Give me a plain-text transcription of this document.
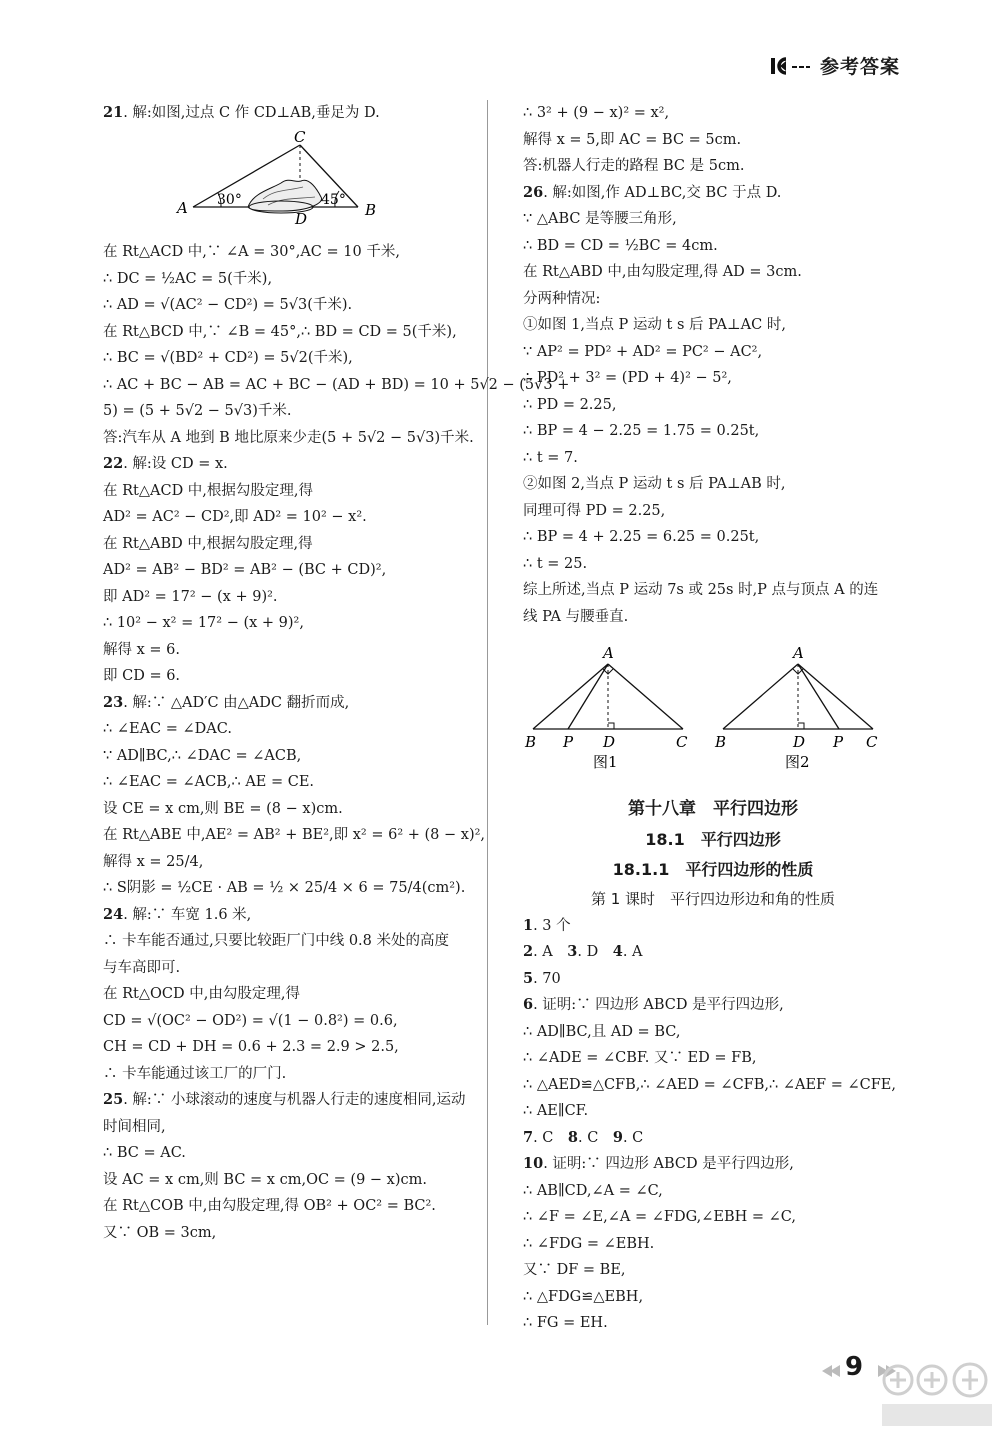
参考答案
21. 解:如图,过点 C 作 CD⊥AB,垂足为 D.
A	B
C
D
30°	45°
在 Rt△ACD 中,∵ ∠A = 30°,AC = 10 千米,
∴ DC = ½AC = 5(千米),
∴ AD = √(AC² − CD²) = 5√3(千米).
在 Rt△BCD 中,∵ ∠B = 45°,∴ BD = CD = 5(千米),
∴ BC = √(BD² + CD²) = 5√2(千米),
∴ AC + BC − AB = AC + BC − (AD + BD) = 10 + 5√2 − (5√3 +
5) = (5 + 5√2 − 5√3)千米.
答:汽车从 A 地到 B 地比原来少走(5 + 5√2 − 5√3)千米.
22. 解:设 CD = x.
在 Rt△ACD 中,根据勾股定理,得
AD² = AC² − CD²,即 AD² = 10² − x².
在 Rt△ABD 中,根据勾股定理,得
AD² = AB² − BD² = AB² − (BC + CD)²,
即 AD² = 17² − (x + 9)².
∴ 10² − x² = 17² − (x + 9)²,
解得 x = 6.
即 CD = 6.
23. 解:∵ △AD′C 由△ADC 翻折而成,
∴ ∠EAC = ∠DAC.
∵ AD∥BC,∴ ∠DAC = ∠ACB,
∴ ∠EAC = ∠ACB,∴ AE = CE.
设 CE = x cm,则 BE = (8 − x)cm.
在 Rt△ABE 中,AE² = AB² + BE²,即 x² = 6² + (8 − x)²,
解得 x = 25/4,
∴ S阴影 = ½CE · AB = ½ × 25/4 × 6 = 75/4(cm²).
24. 解:∵ 车宽 1.6 米,
∴ 卡车能否通过,只要比较距厂门中线 0.8 米处的高度
与车高即可.
在 Rt△OCD 中,由勾股定理,得
CD = √(OC² − OD²) = √(1 − 0.8²) = 0.6,
CH = CD + DH = 0.6 + 2.3 = 2.9 > 2.5,
∴ 卡车能通过该工厂的厂门.
25. 解:∵ 小球滚动的速度与机器人行走的速度相同,运动
时间相同,
∴ BC = AC.
设 AC = x cm,则 BC = x cm,OC = (9 − x)cm.
在 Rt△COB 中,由勾股定理,得 OB² + OC² = BC².
又∵ OB = 3cm,
∴ 3² + (9 − x)² = x²,
解得 x = 5,即 AC = BC = 5cm.
答:机器人行走的路程 BC 是 5cm.
26. 解:如图,作 AD⊥BC,交 BC 于点 D.
∵ △ABC 是等腰三角形,
∴ BD = CD = ½BC = 4cm.
在 Rt△ABD 中,由勾股定理,得 AD = 3cm.
分两种情况:
①如图 1,当点 P 运动 t s 后 PA⊥AC 时,
∵ AP² = PD² + AD² = PC² − AC²,
∴ PD² + 3² = (PD + 4)² − 5²,
∴ PD = 2.25,
∴ BP = 4 − 2.25 = 1.75 = 0.25t,
∴ t = 7.
②如图 2,当点 P 运动 t s 后 PA⊥AB 时,
同理可得 PD = 2.25,
∴ BP = 4 + 2.25 = 6.25 = 0.25t,
∴ t = 25.
综上所述,当点 P 运动 7s 或 25s 时,P 点与顶点 A 的连
线 PA 与腰垂直.
A
B P D	C
图1
A
B	D P C
图2
第十八章　平行四边形
18.1　平行四边形
18.1.1　平行四边形的性质
第 1 课时　平行四边形边和角的性质
1. 3 个
2. A　3. D　4. A
5. 70
6. 证明:∵ 四边形 ABCD 是平行四边形,
∴ AD∥BC,且 AD = BC,
∴ ∠ADE = ∠CBF. 又∵ ED = FB,
∴ △AED≌△CFB,∴ ∠AED = ∠CFB,∴ ∠AEF = ∠CFE,
∴ AE∥CF.
7. C　8. C　9. C
10. 证明:∵ 四边形 ABCD 是平行四边形,
∴ AB∥CD,∠A = ∠C,
∴ ∠F = ∠E,∠A = ∠FDG,∠EBH = ∠C,
∴ ∠FDG = ∠EBH.
又∵ DF = BE,
∴ △FDG≌△EBH,
∴ FG = EH.
9
